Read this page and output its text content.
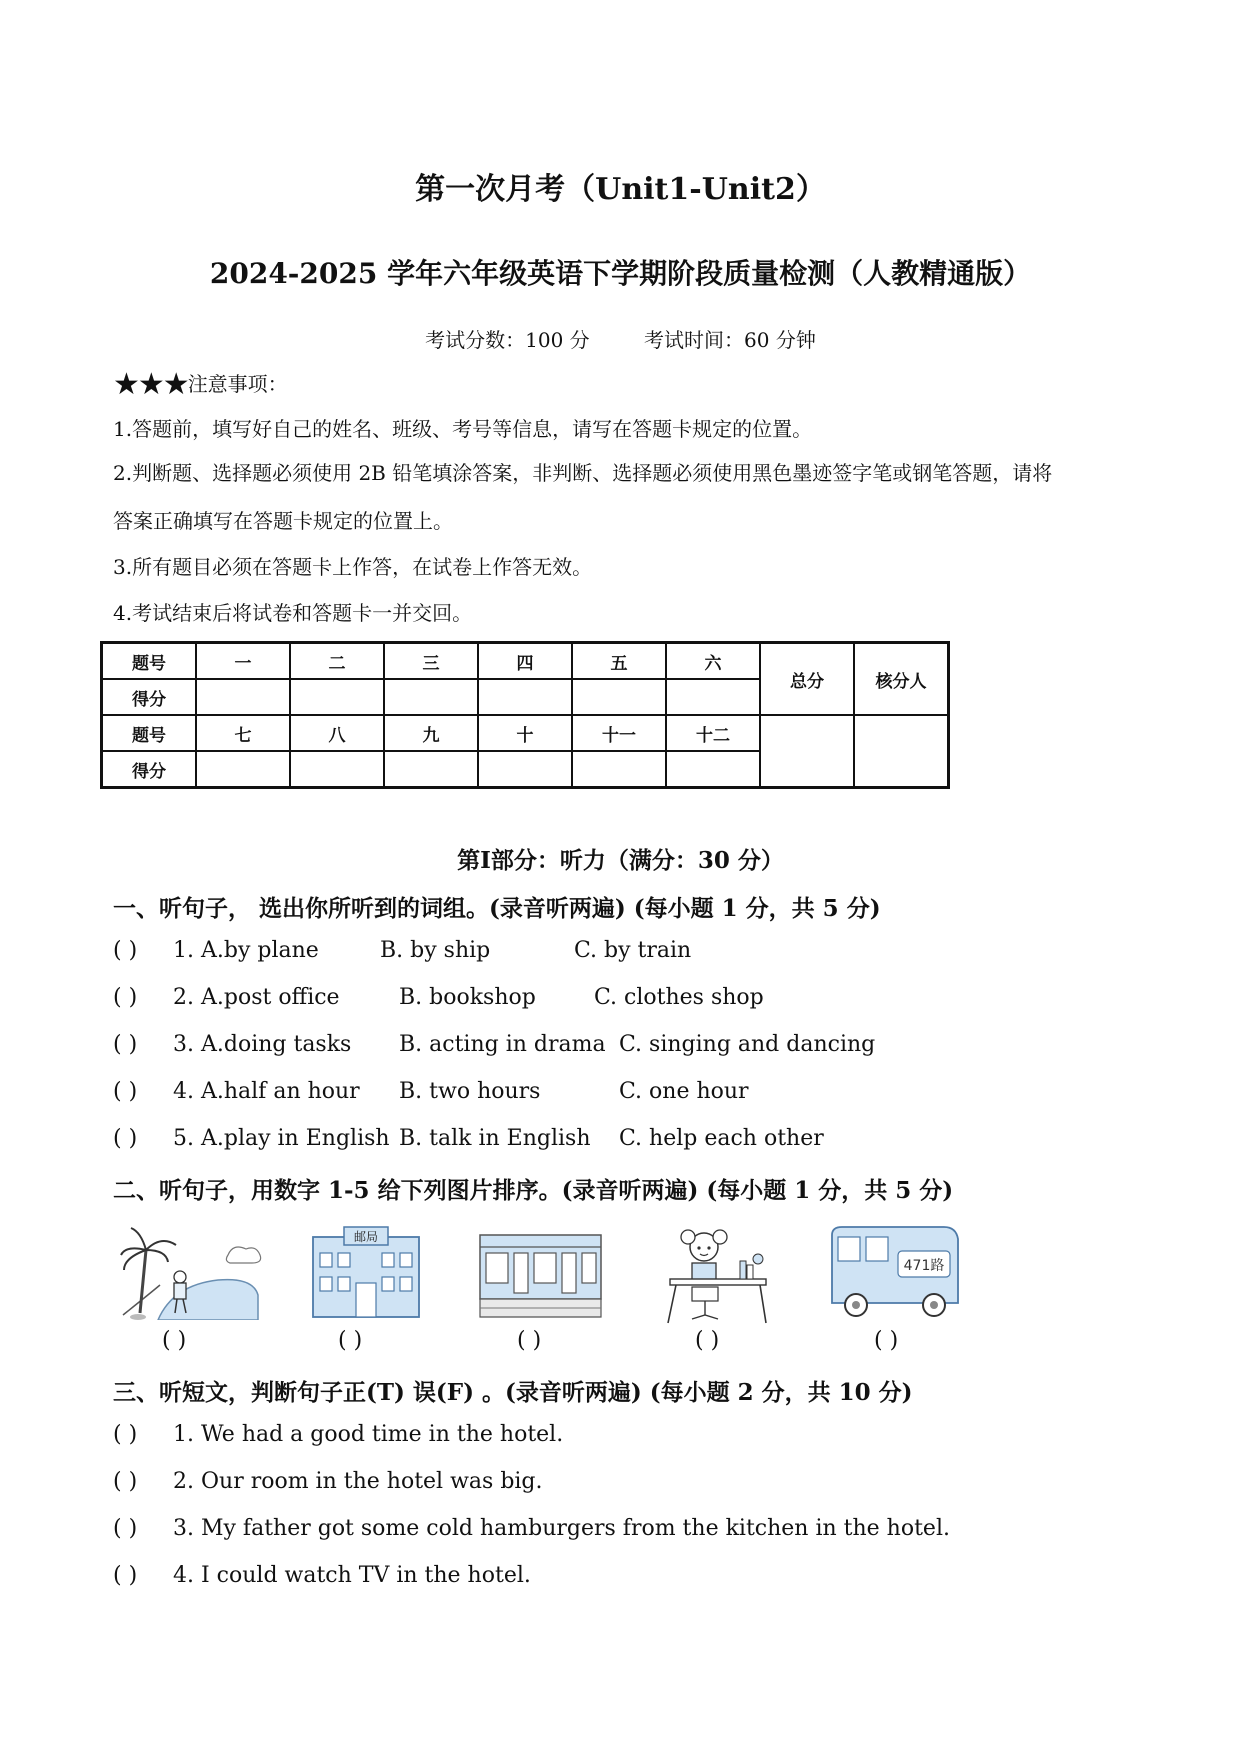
第一次月考（Unit1-Unit2）
2024-2025 学年六年级英语下学期阶段质量检测（人教精通版）
考试分数：100 分	考试时间：60 分钟
★★★注意事项：
1.答题前，填写好自己的姓名、班级、考号等信息，请写在答题卡规定的位置。
2.判断题、选择题必须使用 2B 铅笔填涂答案，非判断、选择题必须使用黑色墨迹签字笔或钢笔答题，请将
答案正确填写在答题卡规定的位置上。
3.所有题目必须在答题卡上作答，在试卷上作答无效。
4.考试结束后将试卷和答题卡一并交回。
题号	一	二	三	四	五	六	总分	核分人
得分								
题号	七	八	九	十	十一	十二		
得分								
第Ⅰ部分：听力（满分：30 分）
一、听句子， 选出你所听到的词组。(录音听两遍) (每小题 1 分，共 5 分)
( ) 1. A.by plane	B. by ship	C. by train
( ) 2. A.post office	B. bookshop	C. clothes shop
( ) 3. A.doing tasks B. acting in drama C. singing and dancing
( ) 4. A.half an hour B. two hours	C. one hour
( ) 5. A.play in English B. talk in English C. help each other
二、听句子，用数字 1-5 给下列图片排序。(录音听两遍) (每小题 1 分，共 5 分)
邮局
471路
( )	( )	( )	( )	( )
三、听短文，判断句子正(T) 误(F) 。(录音听两遍) (每小题 2 分，共 10 分)
( ) 1. We had a good time in the hotel.
( ) 2. Our room in the hotel was big.
( ) 3. My father got some cold hamburgers from the kitchen in the hotel.
( ) 4. I could watch TV in the hotel.
